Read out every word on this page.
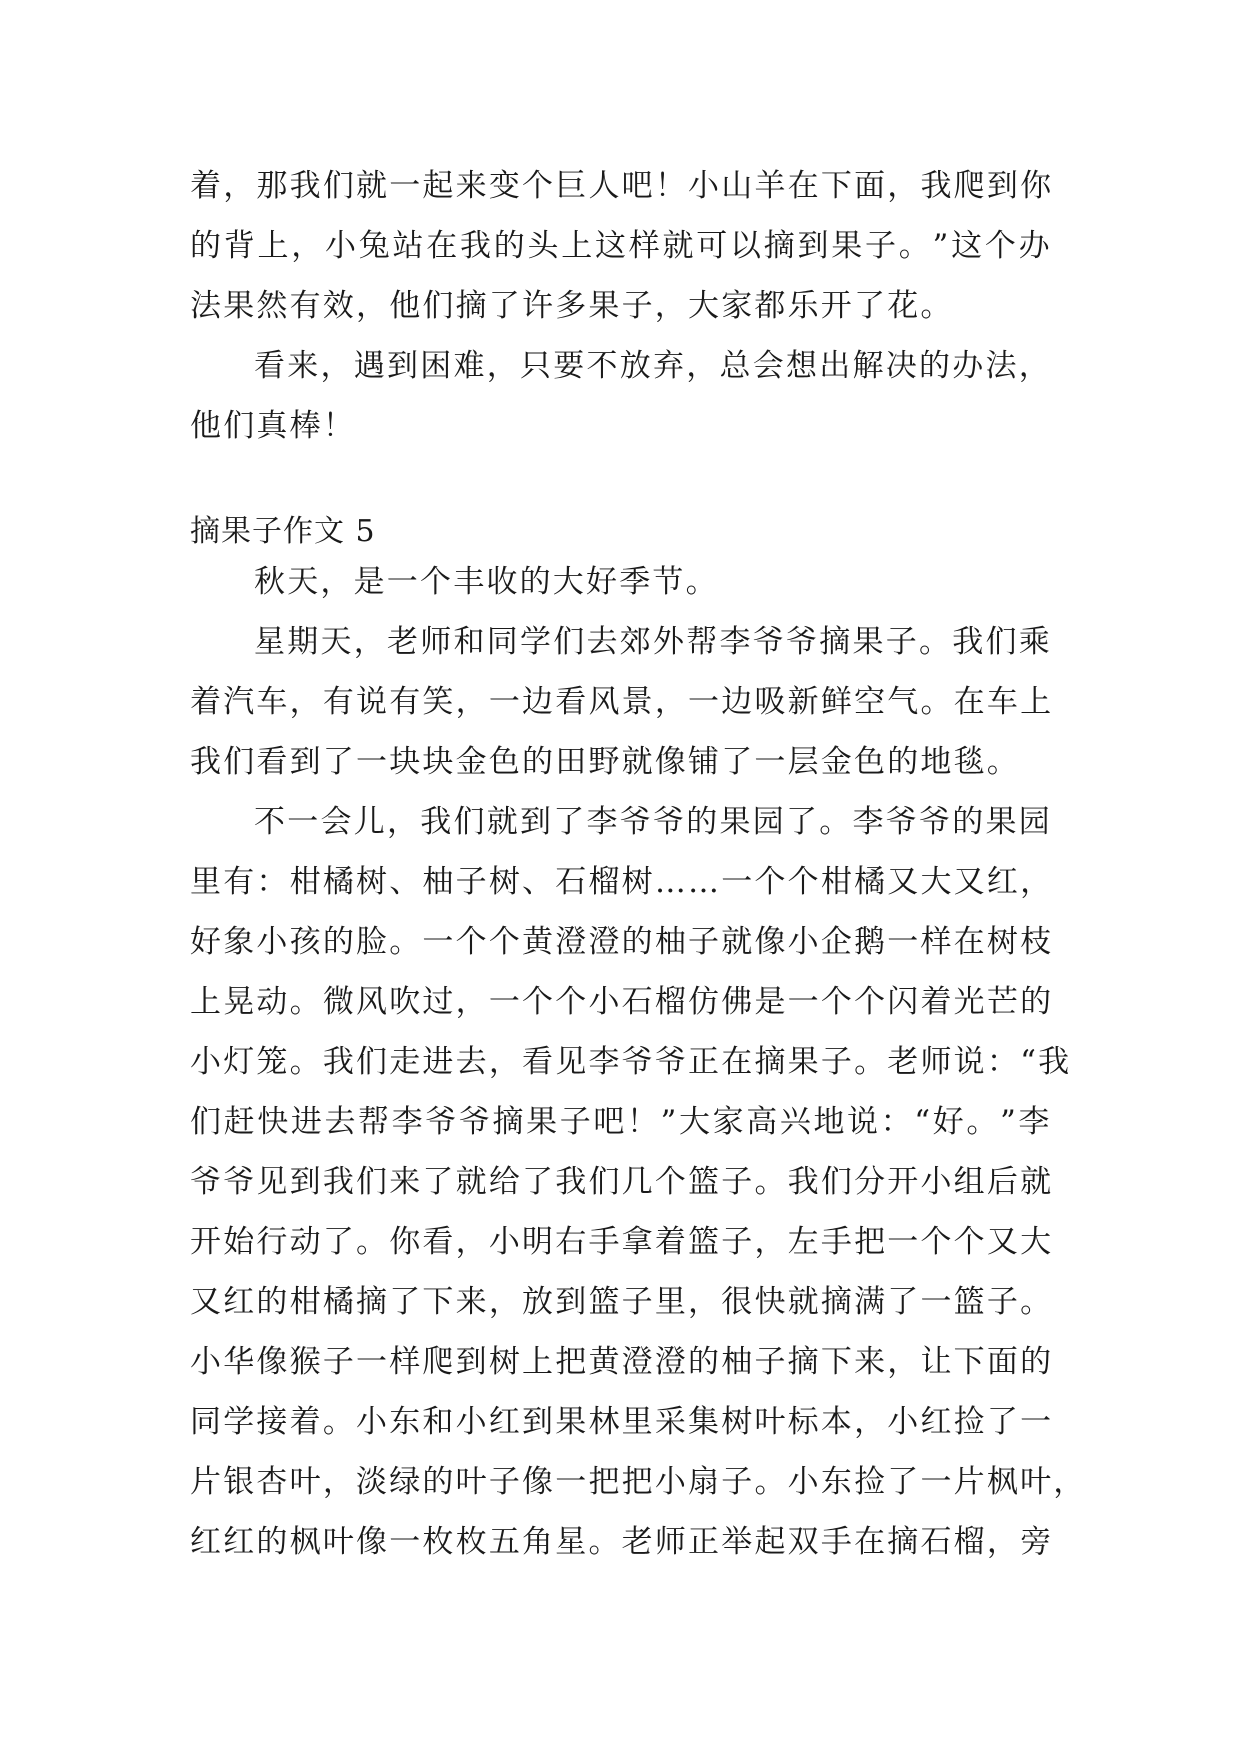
着 ， 那 我 们 就 一 起 来 变 个 巨 人 吧 ！ 小 山 羊 在 下 面 ， 我 爬 到 你
的 背 上 ， 小 兔 站 在 我 的 头 上 这 样 就 可 以 摘 到 果 子 。 ” 这 个 办
法果然有效，他们摘了许多果子，大家都乐开了花。
看 来 ， 遇 到 困 难 ， 只 要 不 放 弃 ， 总 会 想 出 解 决 的 办 法 ，
他们真棒！
摘果子作文 5
秋天，是一个丰收的大好季节。
星 期 天 ， 老 师 和 同 学 们 去 郊 外 帮 李 爷 爷 摘 果 子 。 我 们 乘
着 汽 车 ， 有 说 有 笑 ， 一 边 看 风 景 ， 一 边 吸 新 鲜 空 气 。 在 车 上
我们看到了一块块金色的田野就像铺了一层金色的地毯。
不 一 会 儿 ， 我 们 就 到 了 李 爷 爷 的 果 园 了 。 李 爷 爷 的 果 园
里 有 ： 柑 橘 树 、 柚 子 树 、 石 榴 树 … … 一 个 个 柑 橘 又 大 又 红 ，
好 象 小 孩 的 脸 。 一 个 个 黄 澄 澄 的 柚 子 就 像 小 企 鹅 一 样 在 树 枝
上 晃 动 。 微 风 吹 过 ， 一 个 个 小 石 榴 仿 佛 是 一 个 个 闪 着 光 芒 的
小 灯 笼 。 我 们 走 进 去 ， 看 见 李 爷 爷 正 在 摘 果 子 。 老 师 说 ： “ 我
们 赶 快 进 去 帮 李 爷 爷 摘 果 子 吧 ！ ” 大 家 高 兴 地 说 ： “ 好 。 ” 李
爷 爷 见 到 我 们 来 了 就 给 了 我 们 几 个 篮 子 。 我 们 分 开 小 组 后 就
开 始 行 动 了 。 你 看 ， 小 明 右 手 拿 着 篮 子 ， 左 手 把 一 个 个 又 大
又 红 的 柑 橘 摘 了 下 来 ， 放 到 篮 子 里 ， 很 快 就 摘 满 了 一 篮 子 。
小 华 像 猴 子 一 样 爬 到 树 上 把 黄 澄 澄 的 柚 子 摘 下 来 ， 让 下 面 的
同 学 接 着 。 小 东 和 小 红 到 果 林 里 采 集 树 叶 标 本 ， 小 红 捡 了 一
片 银 杏 叶 ， 淡 绿 的 叶 子 像 一 把 把 小 扇 子 。 小 东 捡 了 一 片 枫 叶 ，
红 红 的 枫 叶 像 一 枚 枚 五 角 星 。 老 师 正 举 起 双 手 在 摘 石 榴 ， 旁
